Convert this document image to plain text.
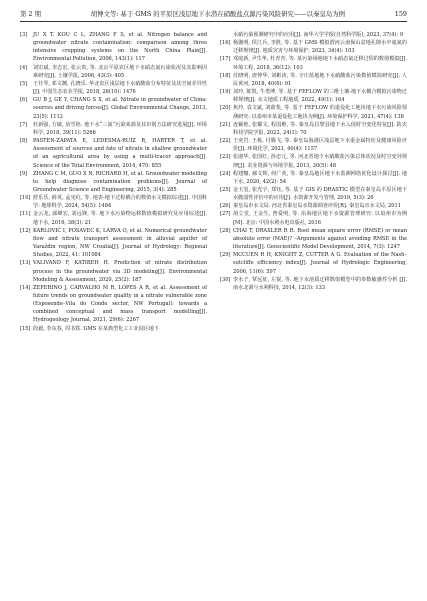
第 2 期	胡博文等: 基于 GMS 的平原区浅层地下水潜在硝酸盐点源污染风险研究——以秦皇岛为例	159
[3]	JU X T, KOU C L, ZHANG F S, et al. Nitrogen balance and groundwater nitrate contamination: comparison among three intensive cropping systems on the North China Plain[J]. Environmental Pollution, 2006, 143(1): 117
[4]	刘宏斌, 李志宏, 张云贵, 等. 北京平原农区地下水硝态氮污染状况及其影响因素研究[J]. 土壤学报, 2006, 43(3): 405
[5]	王仕琴, 邓文渊, 孔晓乐. 华北农区浅层地下水硝酸盐分布特征及其空间差异性[J]. 中国生态农业学报, 2018, 26(10): 1476
[6]	GU B J, GE Y, CHANG S X, et al. Nitrate in groundwater of China: sources and driving forces[J]. Global Environmental Change, 2013, 23(5): 1112
[7]	杜新强, 方敏, 冶雪艳. 地下水“三氮”污染来源及其识别方法研究进展[J]. 环境科学, 2018, 39(11): 5266
[8]	PASTEN-ZAPATA E, LEDESMA-RUIZ R, HARTER T, et al. Assessment of sources and fate of nitrate in shallow groundwater of an agricultural area by using a multi-tracer approach[J]. Science of the Total Environment, 2014, 470: 855
[9]	ZHANG C M, GUO X N, RICHARD H, et al. Groundwater modelling to help diagnose contamination problems[J]. Journal of Groundwater Science and Engineering, 2015, 3(4): 285
[10] 舒乐乐, 薛英, 孟宪红, 等. 地表-地下过程耦合的数值水文模拟综述[J]. 中国科学: 地球科学, 2024, 54(5): 1484
[11] 金云龙, 邱峰宏, 刘远锋, 等. 地下水污染物运移数值模拟研究及应用综述[J]. 地下水, 2016, 38(3): 21
[12] KARLOVIĆ I, POSAVEC K, LARVA O, et al. Numerical groundwater flow and nitrate transport assessment in alluvial aquifer of Varaždin region, NW Croatia[J]. Journal of Hydrology: Regional Studies, 2022, 41: 101084
[13] VALIVAND F, KATIBEH H. Prediction of nitrate distribution process in the groundwater via 3D modeling[J]. Environmental Modeling & Assessment, 2020, 25(2): 187
[14] ZEFERINO J, CARVALHO M R, LOPES A R, et al. Assessment of future trends on groundwater quality in a nitrate vulnerable zone (Esposende–Vila do Conde sector, NW Portugal): towards a combined conceptual and mass transport modelling[J]. Hydrogeology Journal, 2021, 29(6): 2267
[15] 段毅, 李东春, 周书铁. GMS 在某典型化工工业园区地下
水硝污染预测研究中的应用[J]. 南华大学学报(自然科学版), 2023, 37(4): 9
[16] 杨伽明, 侯江兵, 李胜, 等. 基于 GMS 模拟渭河云南保山盆地孔隙水中氨氮的迁移规律[J]. 地质灾害与环境保护, 2023, 34(4): 103
[17] 邓庭新, 尹生华, 杜青青, 等. 某污染场地地下水硝态氮迁移过程的数值模拟[J]. 环境工程, 2018, 36(12): 103
[18] 付晓明, 唐仲华, 刘彬涛, 等. 宇庄蓝地地下水硝酸盐污染数值模拟研究[J]. 人民黄河, 2018, 40(6): 91
[19] 刘玲, 陈凯, 牛勇博, 等. 基于 FEFLOW 的三维土壤-地下水耦合模拟污染物迁移规律[J]. 水文地质工程地质, 2022, 49(1): 164
[20] 焦玲, 袁文斌, 刘蔚斐, 等. 基于 FEFLOW 的退役化工地块地下水污染风险预测研究: 以泰州市某退役化工地块为例[J]. 环境保护科学, 2021, 47(4): 138
[21] 连颖艳, 张耀文, 程国维, 等. 秦皇岛昌黎县地下水入侵时空变化特征[J]. 防灾科技学院学报, 2022, 24(1): 70
[22] 王奕岩, 王栋, 付腾飞, 等. 秦皇岛海港区浅层地下水重金属特征及健康风险评价[J]. 环境化学, 2021, 40(4): 1157
[23] 张淑华, 张国红, 孙忠元, 等. 河北省地下水硝酸盐污染总体状况及时空变异规律[J]. 农业资源与环境学报, 2013, 30(5): 48
[24] 程建娜, 郝文辉, 何广英, 等. 秦皇岛地区地下水监测网络优化设计探讨[J]. 地下水, 2020, 42(2): 54
[25] 金玉玺, 张光宇, 郑钰, 等. 基于 GIS 的 DRASTIC 模型在秦皇岛平原区地下水脆弱性评价中的应用[J]. 水资源开发与管理, 2019, 5(3): 26
[26] 秦皇岛市水文局. 河北省秦皇岛水资源调查评价[R]. 秦皇岛市水文局, 2011
[27] 胡立堂, 王金生, 曾爱明, 等. 沿海地区地下水资源管理研究: 以泉州市为例[M]. 北京: 中国水利水电出版社, 2016
[28] CHAI T, DRAXLER R R. Root mean square error (RMSE) or mean absolute error (MAE)? –Arguments against avoiding RMSE in the literature[J]. Geoscientific Model Development, 2014, 7(3): 1247
[29] MCCUEN R H, KNIGHT Z, CUTTER A G. Evaluation of the Nash–sutcliffe efficiency index[J]. Journal of Hydrologic Engineering, 2006, 11(6): 597
[30] 李水子, 覃远征, 左锐, 等. 地下水溶质迁移数值模型中的参数敏感性分析 [J]. 南水北调与水利科技, 2014, 12(3): 133
